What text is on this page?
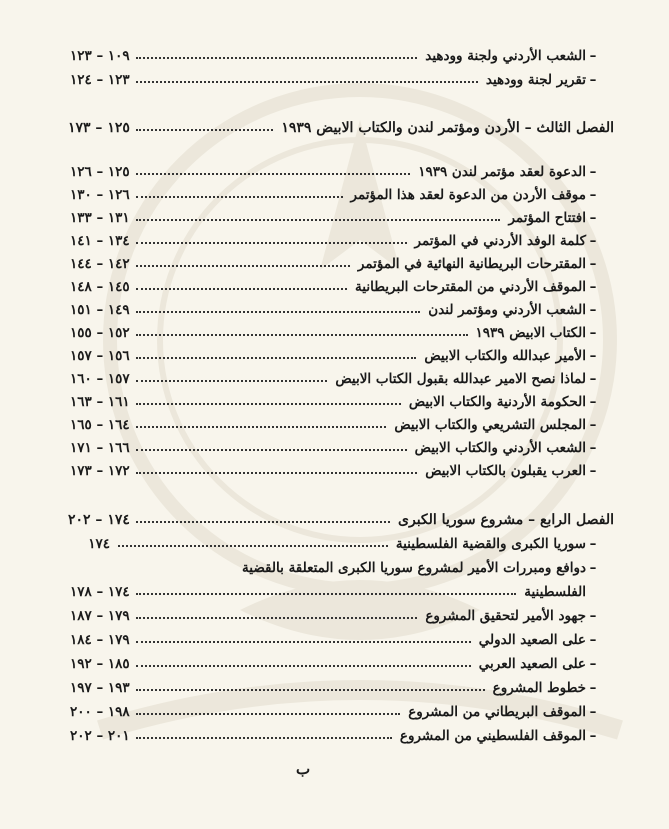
–
الشعب الأردني ولجنة وودهيد
١٠٩ – ١٢٣
–
تقرير لجنة وودهيد
١٢٣ – ١٢٤
الفصل الثالث – الأردن ومؤتمر لندن والكتاب الابيض ١٩٣٩
١٢٥ – ١٧٣
–
الدعوة لعقد مؤتمر لندن ١٩٣٩
١٢٥ – ١٢٦
–
موقف الأردن من الدعوة لعقد هذا المؤتمر
١٢٦ – ١٣٠
–
افتتاح المؤتمر
١٣١ – ١٣٣
–
كلمة الوفد الأردني في المؤتمر
١٣٤ – ١٤١
–
المقترحات البريطانية النهائية في المؤتمر
١٤٢ – ١٤٤
–
الموقف الأردني من المقترحات البريطانية
١٤٥ – ١٤٨
–
الشعب الأردني ومؤتمر لندن
١٤٩ – ١٥١
–
الكتاب الابيض ١٩٣٩
١٥٢ – ١٥٥
–
الأمير عبدالله والكتاب الابيض
١٥٦ – ١٥٧
–
لماذا نصح الامير عبدالله بقبول الكتاب الابيض
١٥٧ – ١٦٠
–
الحكومة الأردنية والكتاب الابيض
١٦١ – ١٦٣
–
المجلس التشريعي والكتاب الابيض
١٦٤ – ١٦٥
–
الشعب الأردني والكتاب الابيض
١٦٦ – ١٧١
–
العرب يقبلون بالكتاب الابيض
١٧٢ – ١٧٣
الفصل الرابع – مشروع سوريا الكبرى
١٧٤ – ٢٠٢
–
سوريا الكبرى والقضية الفلسطينية
١٧٤
–
دوافع ومبررات الأمير لمشروع سوريا الكبرى المتعلقة بالقضية
الفلسطينية
١٧٤ – ١٧٨
–
جهود الأمير لتحقيق المشروع
١٧٩ – ١٨٧
–
على الصعيد الدولي
١٧٩ – ١٨٤
–
على الصعيد العربي
١٨٥ – ١٩٢
–
خطوط المشروع
١٩٣ – ١٩٧
–
الموقف البريطاني من المشروع
١٩٨ – ٢٠٠
–
الموقف الفلسطيني من المشروع
٢٠١ – ٢٠٢
ب
